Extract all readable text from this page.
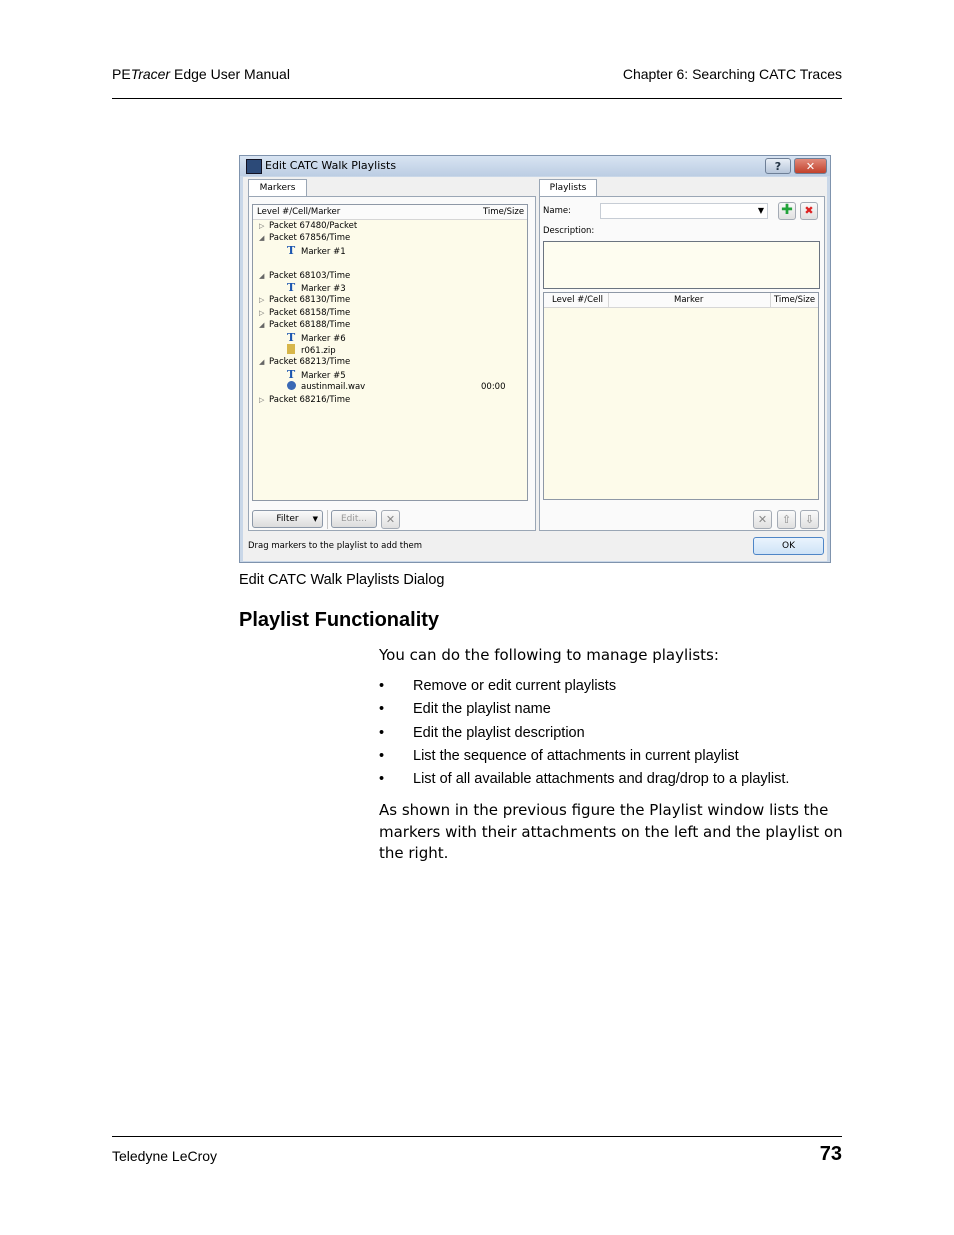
PETracer Edge User Manual	Chapter 6: Searching CATC Traces
Edit CATC Walk Playlists	?	✕
Markers
Level #/Cell/Marker	Time/Size
▷ Packet 67480/Packet
◢ Packet 67856/Time
T Marker #1
◢ Packet 68103/Time
T Marker #3
▷ Packet 68130/Time
▷ Packet 68158/Time
◢ Packet 68188/Time
T Marker #6
r061.zip
◢ Packet 68213/Time
T Marker #5
austinmail.wav	00:00
▷ Packet 68216/Time
Filter ▼	Edit...	✕
Playlists
Name:	▼ ✚	✖
Description:
Level #/Cell	Marker	Time/Size
✕	⇧	⇩
Drag markers to the playlist to add them	OK
Edit CATC Walk Playlists Dialog
Playlist Functionality
You can do the following to manage playlists:
• Remove or edit current playlists
• Edit the playlist name
• Edit the playlist description
• List the sequence of attachments in current playlist
• List of all available attachments and drag/drop to a playlist.
As shown in the previous figure the Playlist window lists the markers with their attachments on the left and the playlist on the right.
Teledyne LeCroy	73
